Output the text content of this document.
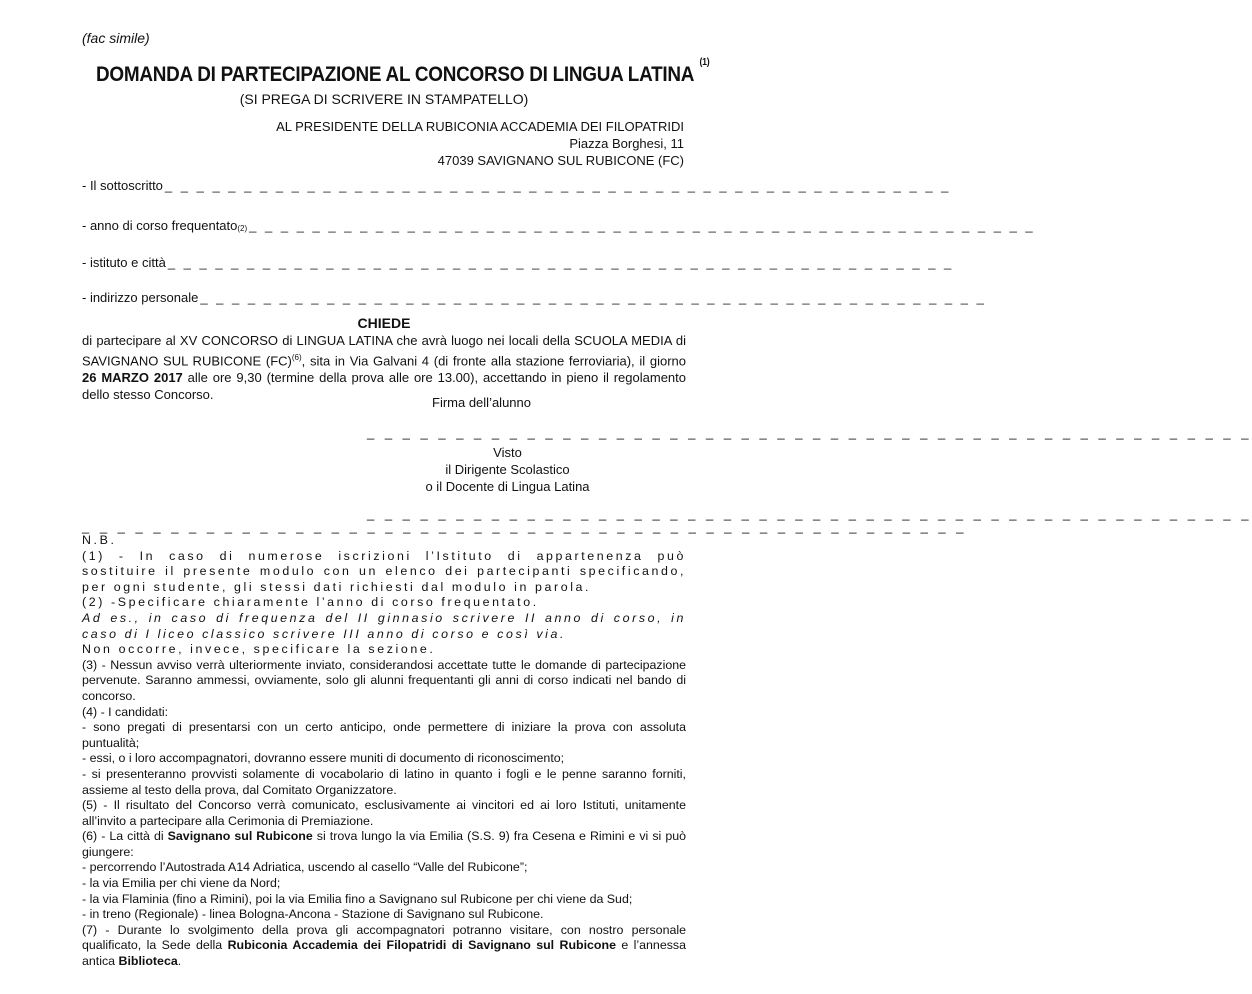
(fac simile)
DOMANDA DI PARTECIPAZIONE AL CONCORSO DI LINGUA LATINA $^{(1)}$
(SI PREGA DI SCRIVERE IN STAMPATELLO)
AL PRESIDENTE DELLA RUBICONIA ACCADEMIA DEI FILOPATRIDI
Piazza Borghesi, 11
47039 SAVIGNANO SUL RUBICONE (FC)
- Il sottoscritto _ _ _ _ _ _ _ _ _ _ _ _ _ _ _ _ _ _ _ _ _ _ _ _ _ _ _ _ _ _ _ _ _ _ _ _ _ _ _ _ _ _ _ _ _ _ _ _ _ _
- anno di corso frequentato$_{(2)}$ _ _ _ _ _ _ _ _ _ _ _ _ _ _ _ _ _ _ _ _ _ _ _ _ _ _ _ _ _ _ _ _ _ _ _ _ _ _ _ _ _ _ _ _ _ _ _ _ _ _
- istituto e città _ _ _ _ _ _ _ _ _ _ _ _ _ _ _ _ _ _ _ _ _ _ _ _ _ _ _ _ _ _ _ _ _ _ _ _ _ _ _ _ _ _ _ _ _ _ _ _ _ _
- indirizzo personale _ _ _ _ _ _ _ _ _ _ _ _ _ _ _ _ _ _ _ _ _ _ _ _ _ _ _ _ _ _ _ _ _ _ _ _ _ _ _ _ _ _ _ _ _ _ _ _ _ _
CHIEDE
di partecipare al XV CONCORSO di LINGUA LATINA che avrà luogo nei locali della SCUOLA MEDIA di SAVIGNANO SUL RUBICONE (FC)$^{(6)}$, sita in Via Galvani 4 (di fronte alla stazione ferroviaria), il giorno 26 MARZO 2017 alle ore 9,30 (termine della prova alle ore 13.00), accettando in pieno il regolamento dello stesso Concorso.
Firma dell’alunno
_ _ _ _ _ _ _ _ _ _ _ _ _ _ _ _ _ _ _ _ _ _ _ _ _ _ _ _ _ _ _ _ _ _ _ _ _ _ _ _ _ _ _ _ _ _ _ _ _ _
Visto
il Dirigente Scolastico
o il Docente di Lingua Latina
_ _ _ _ _ _ _ _ _ _ _ _ _ _ _ _ _ _ _ _ _ _ _ _ _ _ _ _ _ _ _ _ _ _ _ _ _ _ _ _ _ _ _ _ _ _ _ _ _ _
_ _ _ _ _ _ _ _ _ _ _ _ _ _ _ _ _ _ _ _ _ _ _ _ _ _ _ _ _ _ _ _ _ _ _ _ _ _ _ _ _ _ _ _ _ _ _ _ _ _

N.B.

(1) - In caso di numerose iscrizioni l’Istituto di appartenenza può sostituire il presente modulo con un elenco dei partecipanti specificando, per ogni studente, gli stessi dati richiesti dal modulo in parola.

(2) -Specificare chiaramente l’anno di corso frequentato.

Ad es., in caso di frequenza del II ginnasio scrivere II anno di corso, in caso di I liceo classico scrivere III anno di corso e così via.

Non occorre, invece, specificare la sezione.

(3) - Nessun avviso verrà ulteriormente inviato, considerandosi accettate tutte le domande di partecipazione pervenute. Saranno ammessi, ovviamente, solo gli alunni frequentanti gli anni di corso indicati nel bando di concorso.

(4) - I candidati:

- sono pregati di presentarsi con un certo anticipo, onde permettere di iniziare la prova con assoluta puntualità;

- essi, o i loro accompagnatori, dovranno essere muniti di documento di riconoscimento;

- si presenteranno provvisti solamente di vocabolario di latino in quanto i fogli e le penne saranno forniti, assieme al testo della prova, dal Comitato Organizzatore.

(5) - Il risultato del Concorso verrà comunicato, esclusivamente ai vincitori ed ai loro Istituti, unitamente all’invito a partecipare alla Cerimonia di Premiazione.

(6) - La città di Savignano sul Rubicone si trova lungo la via Emilia (S.S. 9) fra Cesena e Rimini e vi si può giungere:

- percorrendo l’Autostrada A14 Adriatica, uscendo al casello “Valle del Rubicone”;

- la via Emilia per chi viene da Nord;

- la via Flaminia (fino a Rimini), poi la via Emilia fino a Savignano sul Rubicone per chi viene da Sud;

- in treno (Regionale) - linea Bologna-Ancona - Stazione di Savignano sul Rubicone.

(7) - Durante lo svolgimento della prova gli accompagnatori potranno visitare, con nostro personale qualificato, la Sede della Rubiconia Accademia dei Filopatridi di Savignano sul Rubicone e l’annessa antica Biblioteca.
